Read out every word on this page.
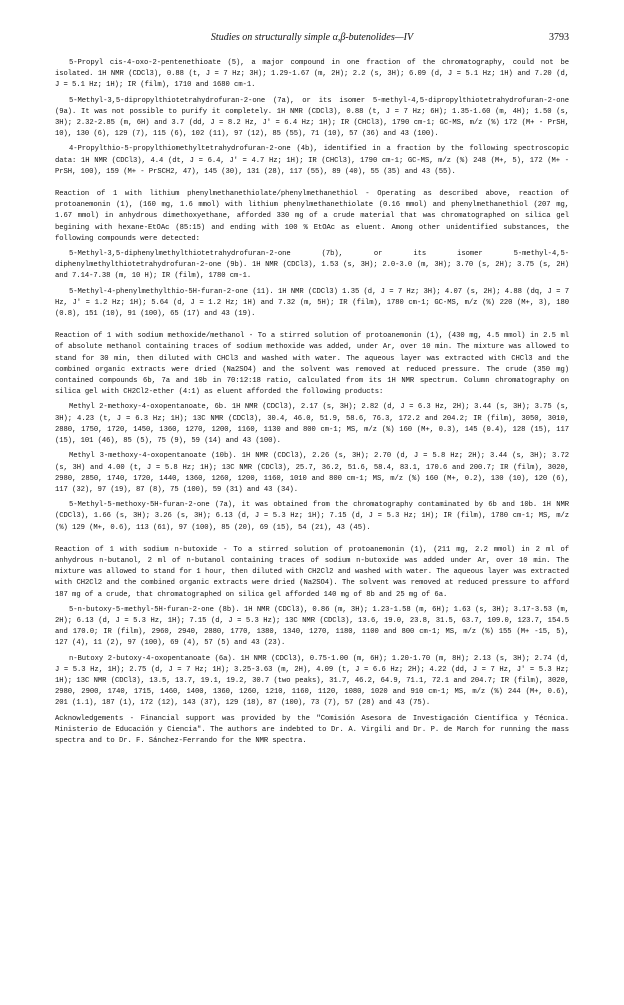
Studies on structurally simple α,β-butenolides—IV	3793

5-Propyl cis-4-oxo-2-pentenethioate (5), a major compound in one fraction of the chromatography, could not be isolated. 1H NMR (CDCl3), 0.88 (t, J = 7 Hz; 3H); 1.29-1.67 (m, 2H); 2.2 (s, 3H); 6.09 (d, J = 5.1 Hz; 1H) and 7.20 (d, J = 5.1 Hz; 1H); IR (film), 1710 and 1680 cm-1.

5-Methyl-3,5-dipropylthiotetrahydrofuran-2-one (7a), or its isomer 5-methyl-4,5-dipropylthiotetrahydrofuran-2-one (9a). It was not possible to purify it completely. 1H NMR (CDCl3), 0.88 (t, J = 7 Hz; 6H); 1.35-1.60 (m, 4H); 1.50 (s, 3H); 2.32-2.85 (m, 6H) and 3.7 (dd, J = 8.2 Hz, J' = 6.4 Hz; 1H); IR (CHCl3), 1790 cm-1; GC-MS, m/z (%) 172 (M+ - PrSH, 10), 130 (6), 129 (7), 115 (6), 102 (11), 97 (12), 85 (55), 71 (10), 57 (36) and 43 (100).

4-Propylthio-5-propylthiomethyltetrahydrofuran-2-one (4b), identified in a fraction by the following spectroscopic data: 1H NMR (CDCl3), 4.4 (dt, J = 6.4, J' = 4.7 Hz; 1H); IR (CHCl3), 1790 cm-1; GC-MS, m/z (%) 248 (M+, 5), 172 (M+ - PrSH, 100), 159 (M+ - PrSCH2, 47), 145 (30), 131 (28), 117 (55), 89 (40), 55 (35) and 43 (55).

Reaction of 1 with lithium phenylmethanethiolate/phenylmethanethiol - Operating as described above, reaction of protoanemonin (1), (160 mg, 1.6 mmol) with lithium phenylmethanethiolate (0.16 mmol) and phenylmethanethiol (207 mg, 1.67 mmol) in anhydrous dimethoxyethane, afforded 330 mg of a crude material that was chromatographed on silica gel begining with hexane-EtOAc (85:15) and ending with 100 % EtOAc as eluent. Among other unidentified substances, the following compounds were detected:

5-Methyl-3,5-diphenylmethylthiotetrahydrofuran-2-one (7b), or its isomer 5-methyl-4,5-diphenylmethylthiotetrahydrofuran-2-one (9b). 1H NMR (CDCl3), 1.53 (s, 3H); 2.0-3.0 (m, 3H); 3.70 (s, 2H); 3.75 (s, 2H) and 7.14-7.38 (m, 10 H); IR (film), 1780 cm-1.

5-Methyl-4-phenylmethylthio-5H-furan-2-one (11). 1H NMR (CDCl3) 1.35 (d, J = 7 Hz; 3H); 4.07 (s, 2H); 4.88 (dq, J = 7 Hz, J' = 1.2 Hz; 1H); 5.64 (d, J = 1.2 Hz; 1H) and 7.32 (m, 5H); IR (film), 1780 cm-1; GC-MS, m/z (%) 220 (M+, 3), 180 (0.8), 151 (10), 91 (100), 65 (17) and 43 (19).

Reaction of 1 with sodium methoxide/methanol - To a stirred solution of protoanemonin (1), (430 mg, 4.5 mmol) in 2.5 ml of absolute methanol containing traces of sodium methoxide was added, under Ar, over 10 min. The mixture was allowed to stand for 30 min, then diluted with CHCl3 and washed with water. The aqueous layer was extracted with CHCl3 and the combined organic extracts were dried (Na2SO4) and the solvent was removed at reduced pressure. The crude (350 mg) contained compounds 6b, 7a and 10b in 70:12:18 ratio, calculated from its 1H NMR spectrum. Column chromatography on silica gel with CH2Cl2-ether (4:1) as eluent afforded the following products:

Methyl 2-methoxy-4-oxopentanoate, 6b. 1H NMR (CDCl3), 2.17 (s, 3H); 2.82 (d, J = 6.3 Hz, 2H); 3.44 (s, 3H); 3.75 (s, 3H); 4.23 (t, J = 6.3 Hz; 1H); 13C NMR (CDCl3), 30.4, 46.0, 51.9, 58.6, 76.3, 172.2 and 204.2; IR (film), 3050, 3010, 2880, 1750, 1720, 1450, 1360, 1270, 1200, 1160, 1130 and 800 cm-1; MS, m/z (%) 160 (M+, 0.3), 145 (0.4), 128 (15), 117 (15), 101 (46), 85 (5), 75 (9), 59 (14) and 43 (100).

Methyl 3-methoxy-4-oxopentanoate (10b). 1H NMR (CDCl3), 2.26 (s, 3H); 2.70 (d, J = 5.8 Hz; 2H); 3.44 (s, 3H); 3.72 (s, 3H) and 4.00 (t, J = 5.8 Hz; 1H); 13C NMR (CDCl3), 25.7, 36.2, 51.6, 58.4, 83.1, 170.6 and 200.7; IR (film), 3020, 2980, 2850, 1740, 1720, 1440, 1360, 1260, 1200, 1160, 1010 and 800 cm-1; MS, m/z (%) 160 (M+, 0.2), 130 (10), 120 (6), 117 (32), 97 (19), 87 (8), 75 (100), 59 (31) and 43 (34).

5-Methyl-5-methoxy-5H-furan-2-one (7a), it was obtained from the chromatography contaminated by 6b and 10b. 1H NMR (CDCl3), 1.66 (s, 3H); 3.26 (s, 3H); 6.13 (d, J = 5.3 Hz; 1H); 7.15 (d, J = 5.3 Hz; 1H); IR (film), 1780 cm-1; MS, m/z (%) 129 (M+, 0.6), 113 (61), 97 (100), 85 (20), 69 (15), 54 (21), 43 (45).

Reaction of 1 with sodium n-butoxide - To a stirred solution of protoanemonin (1), (211 mg, 2.2 mmol) in 2 ml of anhydrous n-butanol, 2 ml of n-butanol containing traces of sodium n-butoxide was added under Ar, over 10 min. The mixture was allowed to stand for 1 hour, then diluted with CH2Cl2 and washed with water. The aqueous layer was extracted with CH2Cl2 and the combined organic extracts were dried (Na2SO4). The solvent was removed at reduced pressure to afford 187 mg of a crude, that chromatographed on silica gel afforded 140 mg of 8b and 25 mg of 6a.

5-n-butoxy-5-methyl-5H-furan-2-one (8b). 1H NMR (CDCl3), 0.86 (m, 3H); 1.23-1.58 (m, 6H); 1.63 (s, 3H); 3.17-3.53 (m, 2H); 6.13 (d, J = 5.3 Hz, 1H); 7.15 (d, J = 5.3 Hz); 13C NMR (CDCl3), 13.6, 19.0, 23.8, 31.5, 63.7, 109.0, 123.7, 154.5 and 170.0; IR (film), 2960, 2940, 2880, 1770, 1380, 1340, 1270, 1180, 1100 and 800 cm-1; MS, m/z (%) 155 (M+ -15, 5), 127 (4), 11 (2), 97 (100), 69 (4), 57 (5) and 43 (23).

n-Butoxy 2-butoxy-4-oxopentanoate (6a). 1H NMR (CDCl3), 0.75-1.00 (m, 6H); 1.20-1.70 (m, 8H); 2.13 (s, 3H); 2.74 (d, J = 5.3 Hz, 1H); 2.75 (d, J = 7 Hz; 1H); 3.25-3.63 (m, 2H), 4.09 (t, J = 6.6 Hz; 2H); 4.22 (dd, J = 7 Hz, J' = 5.3 Hz; 1H); 13C NMR (CDCl3), 13.5, 13.7, 19.1, 19.2, 30.7 (two peaks), 31.7, 46.2, 64.9, 71.1, 72.1 and 204.7; IR (film), 3020, 2980, 2900, 1740, 1715, 1460, 1400, 1360, 1260, 1210, 1160, 1120, 1080, 1020 and 910 cm-1; MS, m/z (%) 244 (M+, 0.6), 201 (1.1), 187 (1), 172 (12), 143 (37), 129 (18), 87 (100), 73 (7), 57 (28) and 43 (75).

Acknowledgements - Financial support was provided by the "Comisión Asesora de Investigación Científica y Técnica. Ministerio de Educación y Ciencia". The authors are indebted to Dr. A. Virgili and Dr. P. de March for running the mass spectra and to Dr. F. Sánchez-Ferrando for the NMR spectra.
